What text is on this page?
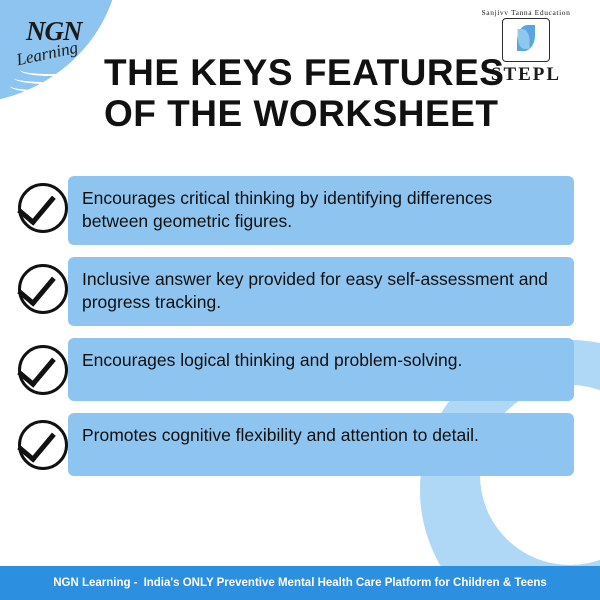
NGN
Learning
Sanjivv Tanna Education
STEPL
THE KEYS FEATURES
OF THE WORKSHEET
Encourages critical thinking by identifying differences between geometric figures.
Inclusive answer key provided for easy self-assessment and progress tracking.
Encourages logical thinking and problem-solving.
Promotes cognitive flexibility and attention to detail.
NGN Learning - India's ONLY Preventive Mental Health Care Platform for Children & Teens
